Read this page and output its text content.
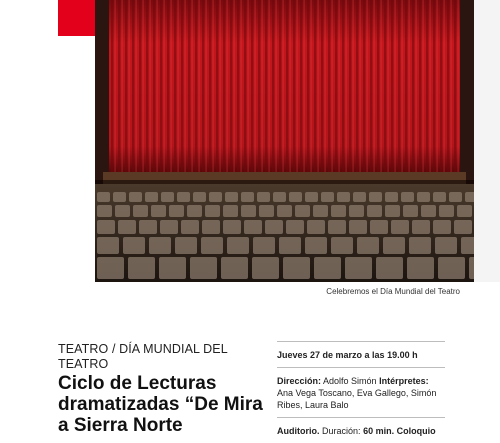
Celebremos el Día Mundial del Teatro
TEATRO / DÍA MUNDIAL DEL TEATRO
Ciclo de Lecturas dramatizadas “De Mira a Sierra Norte
Jueves 27 de marzo a las 19.00 h
Dirección: Adolfo Simón Intérpretes:
Ana Vega Toscano, Eva Gallego, Simón Ribes, Laura Balo
Auditorio. Duración: 60 min. Coloquio
